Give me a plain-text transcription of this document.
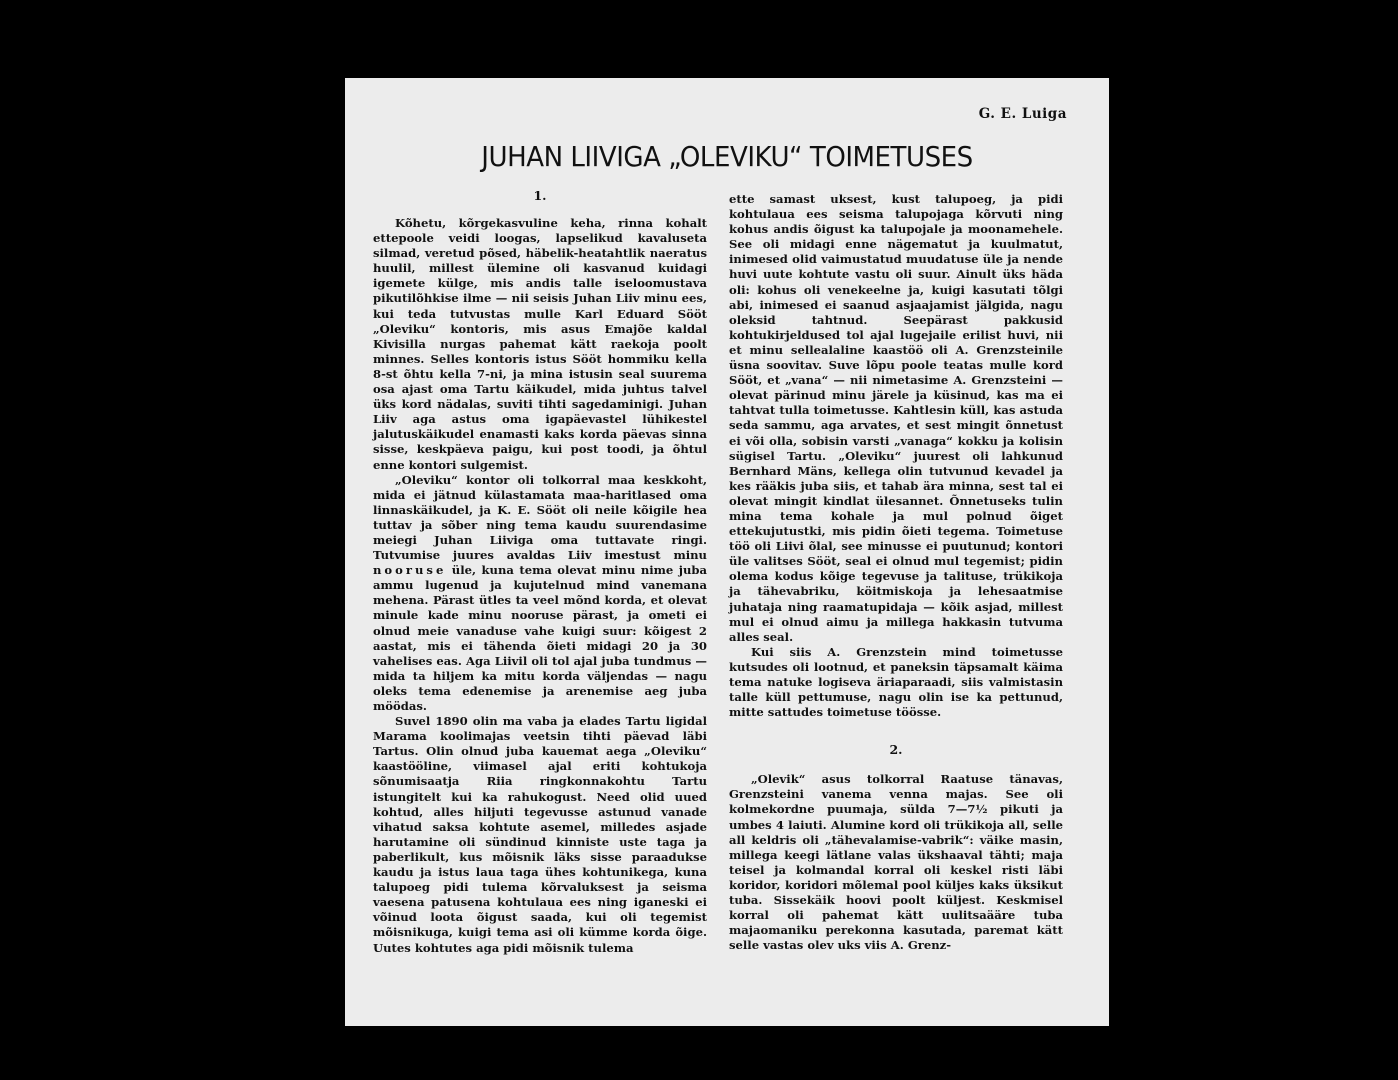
G. E. Luiga
JUHAN LIIVIGA „OLEVIKU“ TOIMETUSES
1.

Kõhetu, kõrgekasvuline keha, rinna kohalt ettepoole veidi loogas, lapselikud kavaluseta silmad, veretud põsed, häbelik-heatahtlik naeratus huulil, millest ülemine oli kasvanud kuidagi igemete külge, mis andis talle iseloomustava pikutilõhkise ilme — nii seisis Juhan Liiv minu ees, kui teda tutvustas mulle Karl Eduard Sööt „Oleviku“ kontoris, mis asus Emajõe kaldal Kivisilla nurgas pahemat kätt raekoja poolt minnes. Selles kontoris istus Sööt hommiku kella 8-st õhtu kella 7-ni, ja mina istusin seal suurema osa ajast oma Tartu käikudel, mida juhtus talvel üks kord nädalas, suviti tihti sagedaminigi. Juhan Liiv aga astus oma igapäevastel lühikestel jalutuskäikudel enamasti kaks korda päevas sinna sisse, keskpäeva paigu, kui post toodi, ja õhtul enne kontori sulgemist.

„Oleviku“ kontor oli tolkorral maa keskkoht, mida ei jätnud külastamata maa-haritlased oma linnaskäikudel, ja K. E. Sööt oli neile kõigile hea tuttav ja sõber ning tema kaudu suurendasime meiegi Juhan Liiviga oma tuttavate ringi. Tutvumise juures avaldas Liiv imestust minu nooruse üle, kuna tema olevat minu nime juba ammu lugenud ja kujutelnud mind vanemana mehena. Pärast ütles ta veel mõnd korda, et olevat minule kade minu nooruse pärast, ja ometi ei olnud meie vanaduse vahe kuigi suur: kõigest 2 aastat, mis ei tähenda õieti midagi 20 ja 30 vahelises eas. Aga Liivil oli tol ajal juba tundmus — mida ta hiljem ka mitu korda väljendas — nagu oleks tema edenemise ja arenemise aeg juba möödas.

Suvel 1890 olin ma vaba ja elades Tartu ligidal Marama koolimajas veetsin tihti päevad läbi Tartus. Olin olnud juba kauemat aega „Oleviku“ kaastööline, viimasel ajal eriti kohtukoja sõnumisaatja Riia ringkonnakohtu Tartu istungitelt kui ka rahukogust. Need olid uued kohtud, alles hiljuti tegevusse astunud vanade vihatud saksa kohtute asemel, milledes asjade harutamine oli sündinud kinniste uste taga ja paberlikult, kus mõisnik läks sisse paraadukse kaudu ja istus laua taga ühes kohtunikega, kuna talupoeg pidi tulema kõrvaluksest ja seisma vaesena patusena kohtulaua ees ning iganeski ei võinud loota õigust saada, kui oli tegemist mõisnikuga, kuigi tema asi oli kümme korda õige. Uutes kohtutes aga pidi mõisnik tulema

ette samast uksest, kust talupoeg, ja pidi kohtulaua ees seisma talupojaga kõrvuti ning kohus andis õigust ka talupojale ja moonamehele. See oli midagi enne nägematut ja kuulmatut, inimesed olid vaimustatud muudatuse üle ja nende huvi uute kohtute vastu oli suur. Ainult üks häda oli: kohus oli venekeelne ja, kuigi kasutati tõlgi abi, inimesed ei saanud asjaajamist jälgida, nagu oleksid tahtnud. Seepärast pakkusid kohtukirjeldused tol ajal lugejaile erilist huvi, nii et minu sellealaline kaastöö oli A. Grenzsteinile üsna soovitav. Suve lõpu poole teatas mulle kord Sööt, et „vana“ — nii nimetasime A. Grenzsteini — olevat pärinud minu järele ja küsinud, kas ma ei tahtvat tulla toimetusse. Kahtlesin küll, kas astuda seda sammu, aga arvates, et sest mingit õnnetust ei või olla, sobisin varsti „vanaga“ kokku ja kolisin sügisel Tartu. „Oleviku“ juurest oli lahkunud Bernhard Mäns, kellega olin tutvunud kevadel ja kes rääkis juba siis, et tahab ära minna, sest tal ei olevat mingit kindlat ülesannet. Õnnetuseks tulin mina tema kohale ja mul polnud õiget ettekujutustki, mis pidin õieti tegema. Toimetuse töö oli Liivi õlal, see minusse ei puutunud; kontori üle valitses Sööt, seal ei olnud mul tegemist; pidin olema kodus kõige tegevuse ja talituse, trükikoja ja tähevabriku, köitmiskoja ja lehesaatmise juhataja ning raamatupidaja — kõik asjad, millest mul ei olnud aimu ja millega hakkasin tutvuma alles seal.

Kui siis A. Grenzstein mind toimetusse kutsudes oli lootnud, et paneksin täpsamalt käima tema natuke logiseva äriaparaadi, siis valmistasin talle küll pettumuse, nagu olin ise ka pettunud, mitte sattudes toimetuse töösse.

2.

„Olevik“ asus tolkorral Raatuse tänavas, Grenzsteini vanema venna majas. See oli kolmekordne puumaja, sülda 7—7½ pikuti ja umbes 4 laiuti. Alumine kord oli trükikoja all, selle all keldris oli „tähevalamise-vabrik“: väike masin, millega keegi lätlane valas ükshaaval tähti; maja teisel ja kolmandal korral oli keskel risti läbi koridor, koridori mõlemal pool küljes kaks üksikut tuba. Sissekäik hoovi poolt küljest. Keskmisel korral oli pahemat kätt uulitsaääre tuba majaomaniku perekonna kasutada, paremat kätt selle vastas olev uks viis A. Grenz-
